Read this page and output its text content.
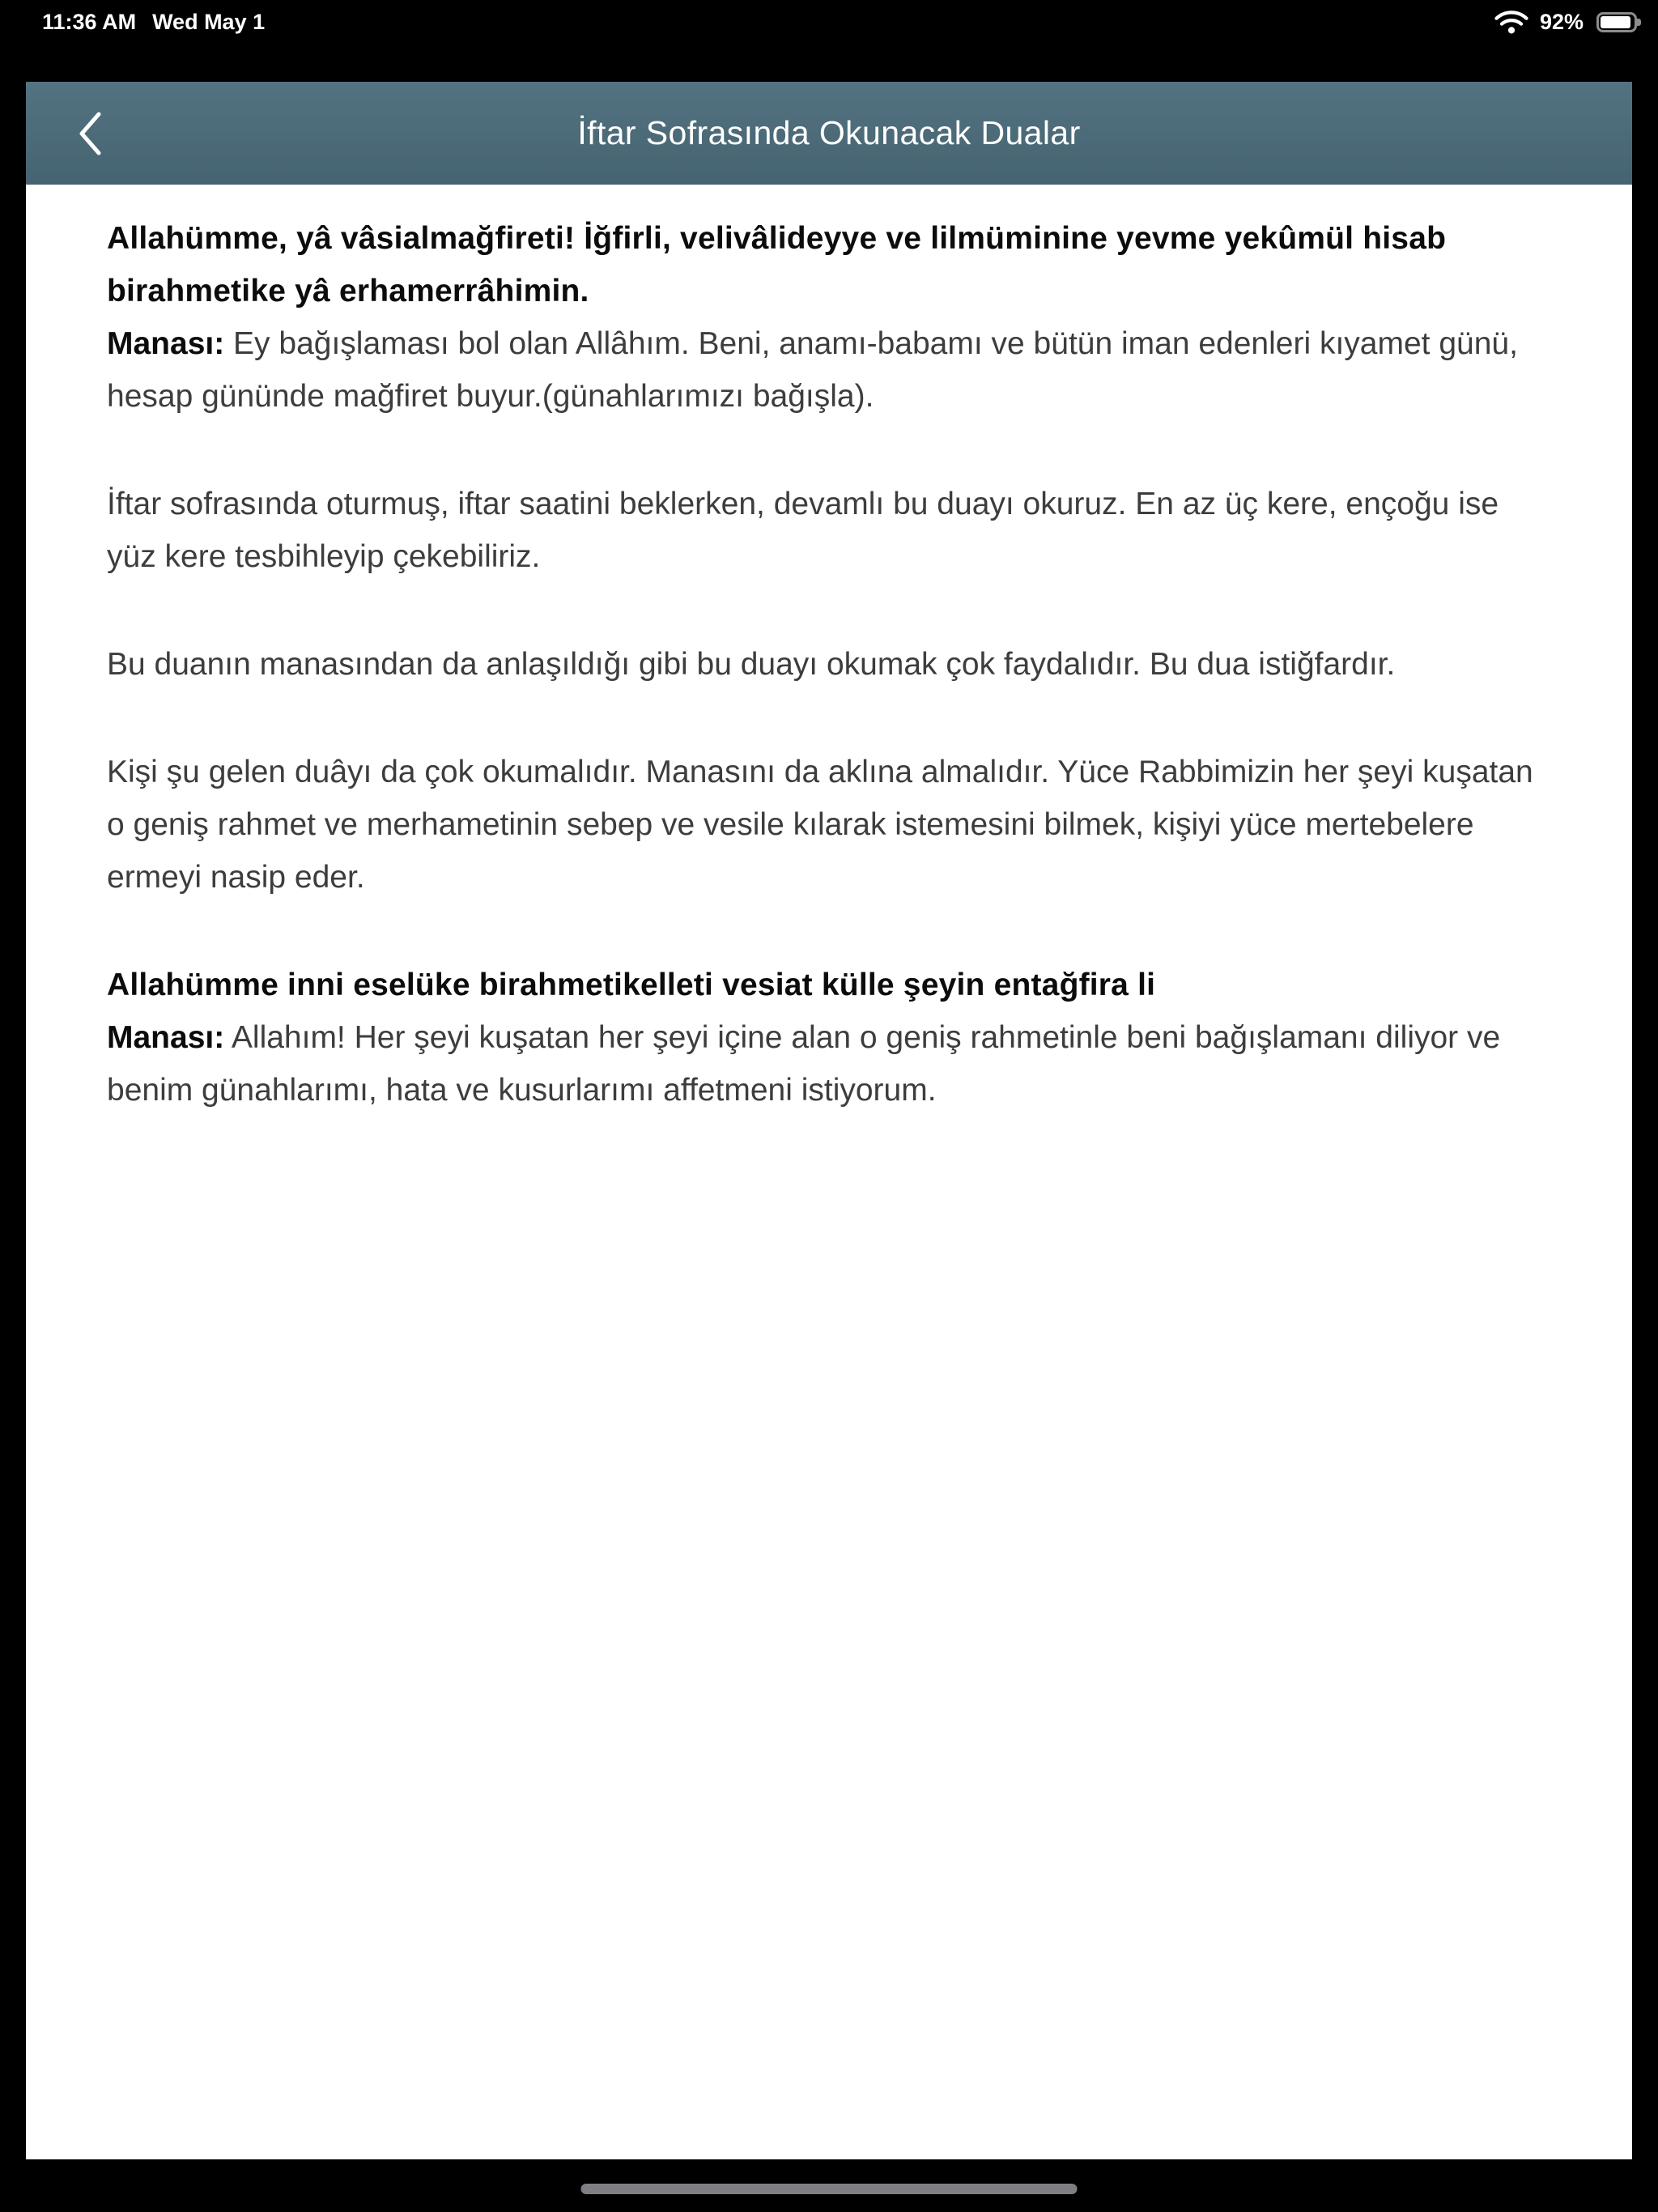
11:36 AM Wed May 1	92%
İftar Sofrasında Okunacak Dualar

Allahümme, yâ vâsialmağfireti! İğfirli, velivâlideyye ve lilmüminine yevme yekûmül hisab birahmetike yâ erhamerrâhimin.

Manası: Ey bağışlaması bol olan Allâhım. Beni, anamı-babamı ve bütün iman edenleri kıyamet günü, hesap gününde mağfiret buyur.(günahlarımızı bağışla).

İftar sofrasında oturmuş, iftar saatini beklerken, devamlı bu duayı okuruz. En az üç kere, ençoğu ise yüz kere tesbihleyip çekebiliriz.

Bu duanın manasından da anlaşıldığı gibi bu duayı okumak çok faydalıdır. Bu dua istiğfardır.

Kişi şu gelen duâyı da çok okumalıdır. Manasını da aklına almalıdır. Yüce Rabbimizin her şeyi kuşatan o geniş rahmet ve merhametinin sebep ve vesile kılarak istemesini bilmek, kişiyi yüce mertebelere ermeyi nasip eder.

Allahümme inni eselüke birahmetikelleti vesiat külle şeyin entağfira li

Manası: Allahım! Her şeyi kuşatan her şeyi içine alan o geniş rahmetinle beni bağışlamanı diliyor ve benim günahlarımı, hata ve kusurlarımı affetmeni istiyorum.
